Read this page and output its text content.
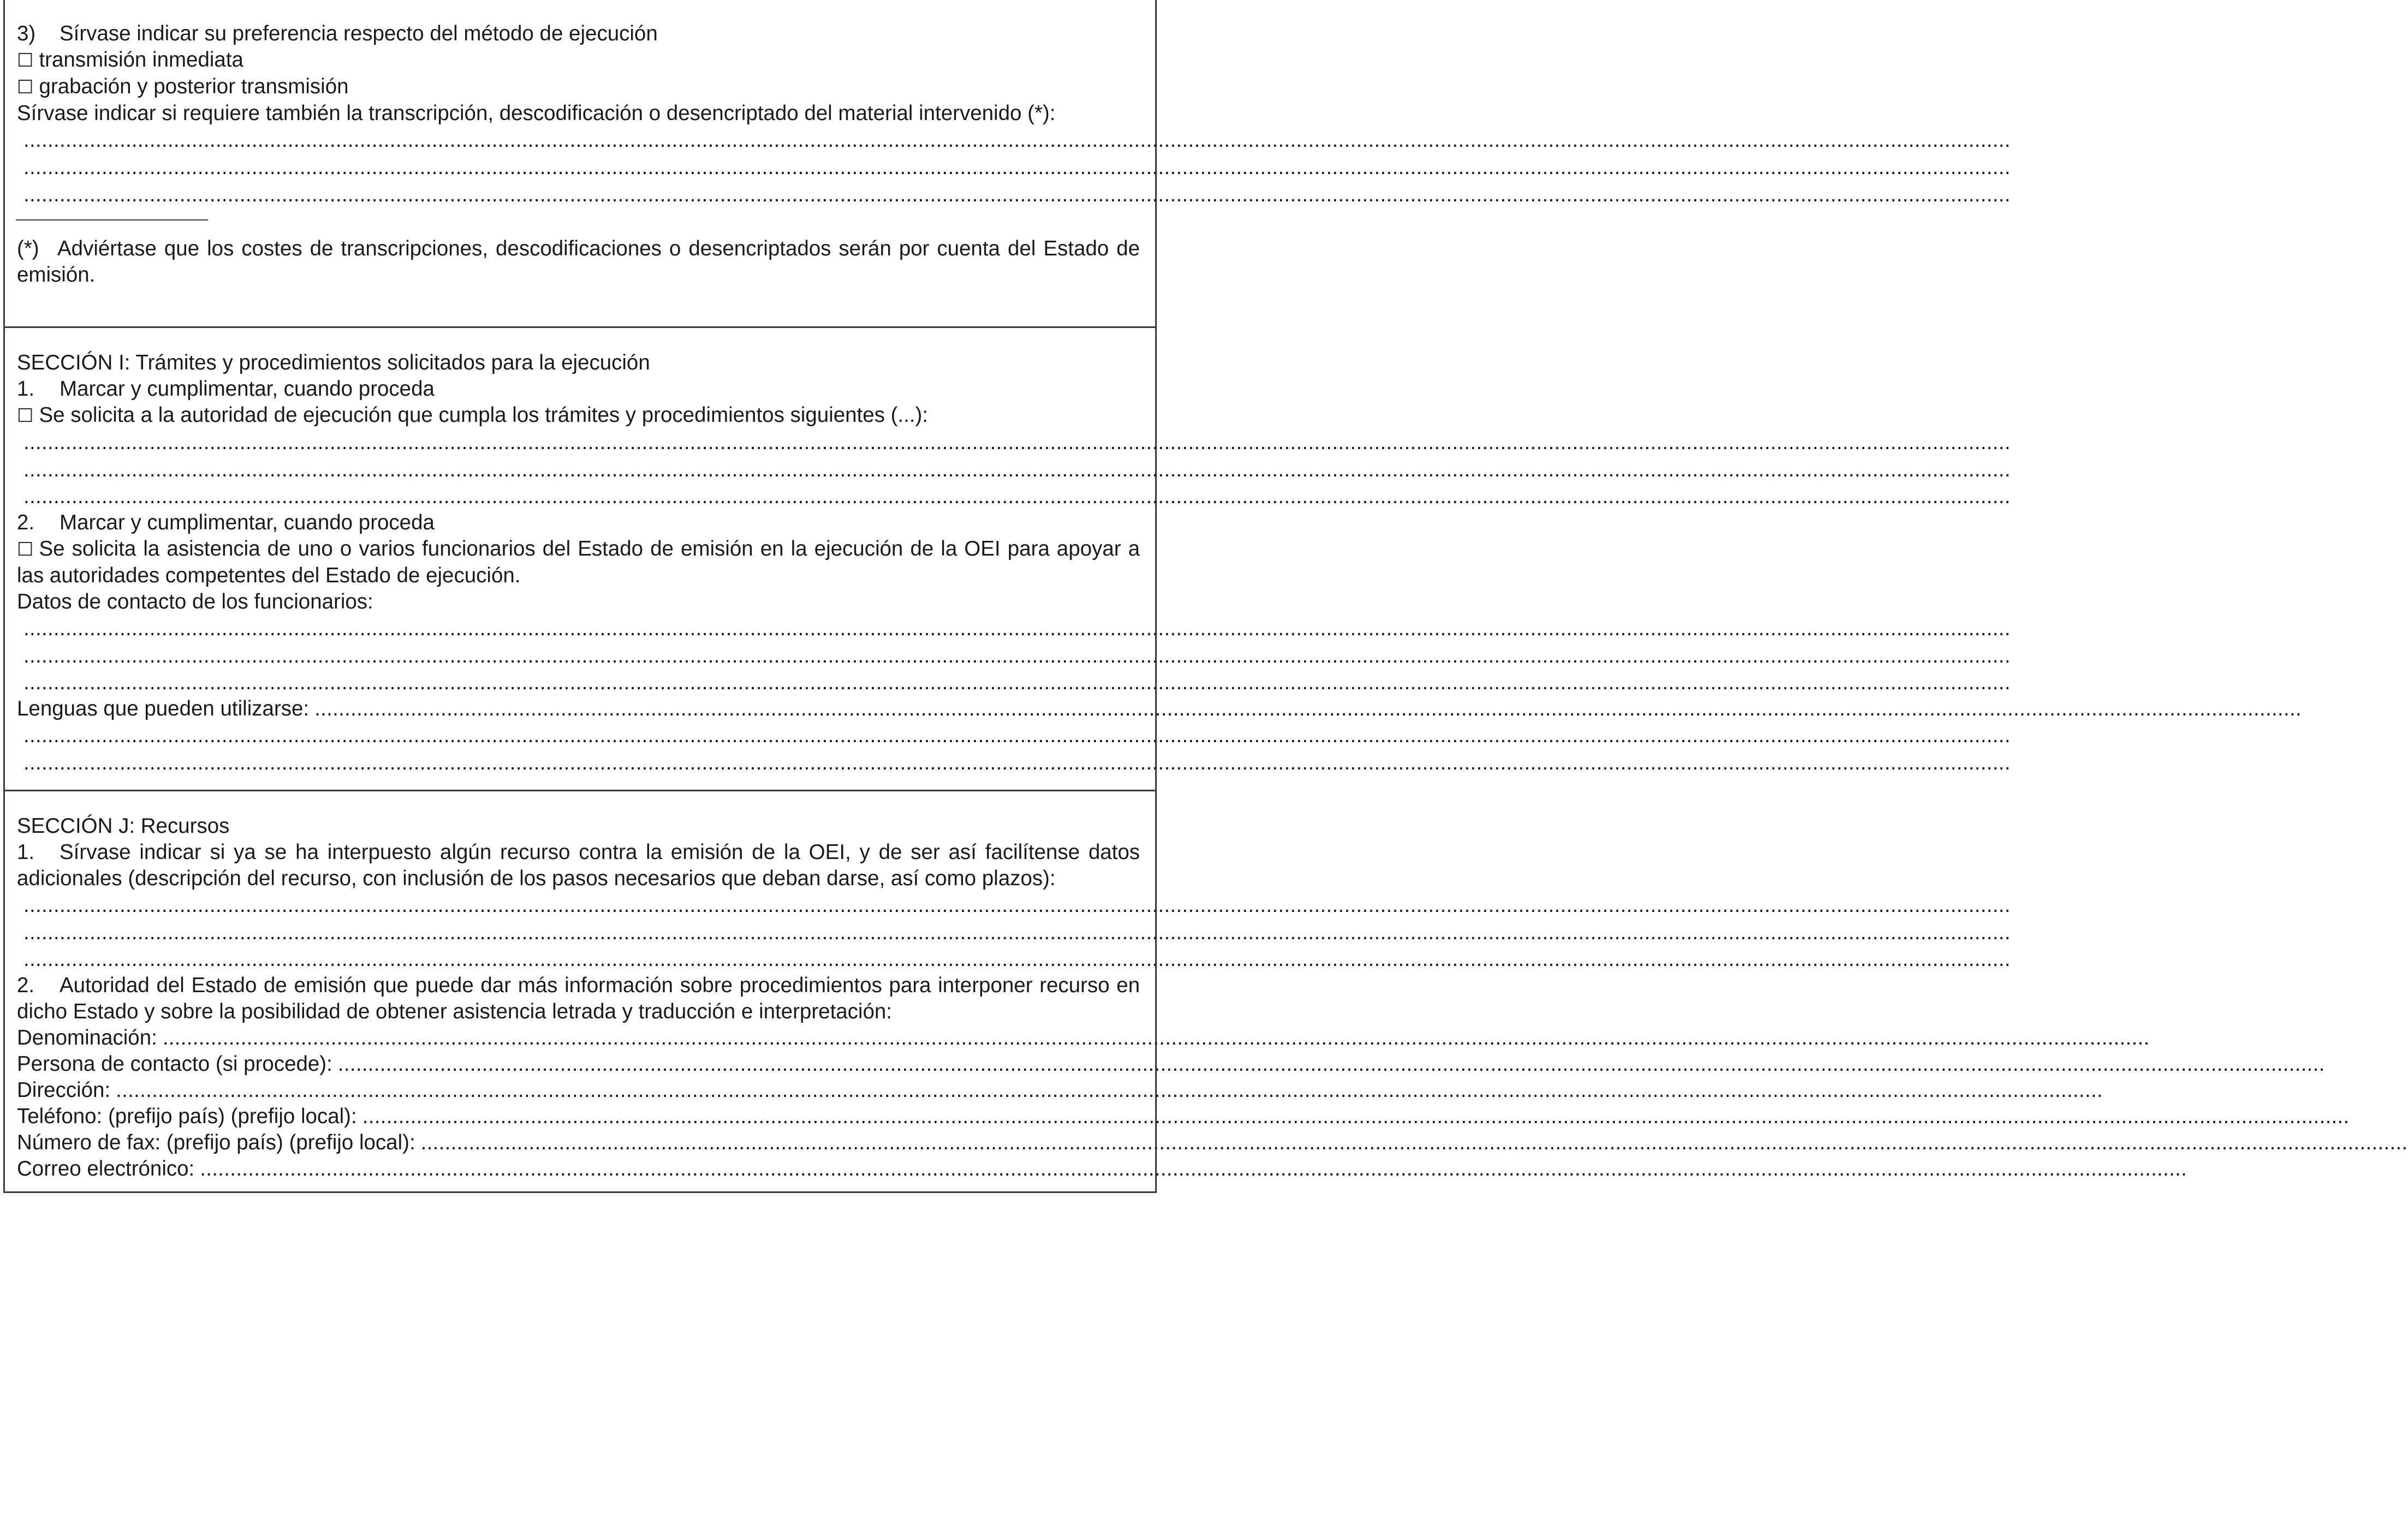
3) Sírvase indicar su preferencia respecto del método de ejecución
☐ transmisión inmediata
☐ grabación y posterior transmisión
Sírvase indicar si requiere también la transcripción, descodificación o desencriptado del material intervenido (*):
...........................................................................................................................................................................................................................................................................................................................................
...........................................................................................................................................................................................................................................................................................................................................
...........................................................................................................................................................................................................................................................................................................................................
(*) Adviértase que los costes de transcripciones, descodificaciones o desencriptados serán por cuenta del Estado de emisión.
SECCIÓN I: Trámites y procedimientos solicitados para la ejecución
1. Marcar y cumplimentar, cuando proceda
☐ Se solicita a la autoridad de ejecución que cumpla los trámites y procedimientos siguientes (...):
...........................................................................................................................................................................................................................................................................................................................................
...........................................................................................................................................................................................................................................................................................................................................
...........................................................................................................................................................................................................................................................................................................................................
2. Marcar y cumplimentar, cuando proceda
☐ Se solicita la asistencia de uno o varios funcionarios del Estado de emisión en la ejecución de la OEI para apoyar a las autoridades competentes del Estado de ejecución.
Datos de contacto de los funcionarios:
...........................................................................................................................................................................................................................................................................................................................................
...........................................................................................................................................................................................................................................................................................................................................
...........................................................................................................................................................................................................................................................................................................................................
Lenguas que pueden utilizarse: ...........................................................................................................................................................................................................................................................................................................................................
...........................................................................................................................................................................................................................................................................................................................................
...........................................................................................................................................................................................................................................................................................................................................
SECCIÓN J: Recursos
1. Sírvase indicar si ya se ha interpuesto algún recurso contra la emisión de la OEI, y de ser así facilítense datos adicionales (descripción del recurso, con inclusión de los pasos necesarios que deban darse, así como plazos):
...........................................................................................................................................................................................................................................................................................................................................
...........................................................................................................................................................................................................................................................................................................................................
...........................................................................................................................................................................................................................................................................................................................................
2. Autoridad del Estado de emisión que puede dar más información sobre procedimientos para interponer recurso en dicho Estado y sobre la posibilidad de obtener asistencia letrada y traducción e interpretación:
Denominación: ...........................................................................................................................................................................................................................................................................................................................................
Persona de contacto (si procede): ...........................................................................................................................................................................................................................................................................................................................................
Dirección: ...........................................................................................................................................................................................................................................................................................................................................
Teléfono: (prefijo país) (prefijo local): ...........................................................................................................................................................................................................................................................................................................................................
Número de fax: (prefijo país) (prefijo local): ...........................................................................................................................................................................................................................................................................................................................................
Correo electrónico: ...........................................................................................................................................................................................................................................................................................................................................
